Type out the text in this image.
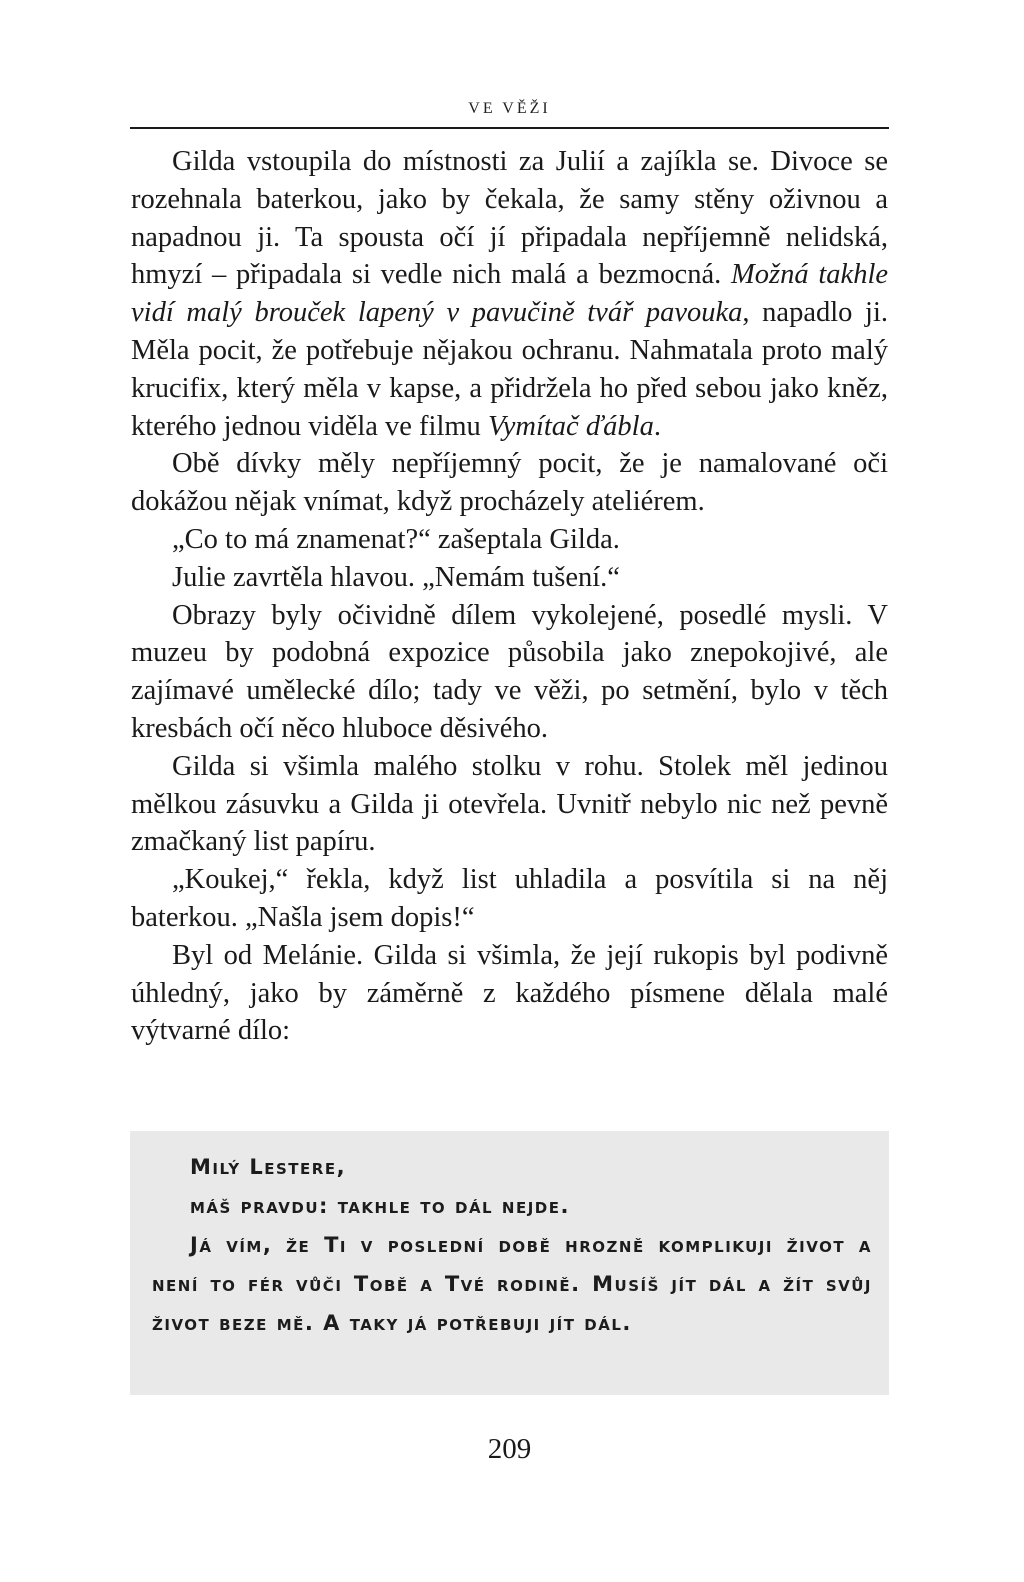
VE VĚŽI

Gilda vstoupila do místnosti za Julií a zajíkla se. Divoce se rozehnala baterkou, jako by čekala, že samy stěny oživnou a napadnou ji. Ta spousta očí jí připadala nepříjemně nelidská, hmyzí – připadala si vedle nich malá a bezmocná. Možná takhle vidí malý brouček lapený v pavučině tvář pavouka, napadlo ji. Měla pocit, že potřebuje nějakou ochranu. Nahmatala proto malý krucifix, který měla v kapse, a přidržela ho před sebou jako kněz, kterého jednou viděla ve filmu Vymítač ďábla.

Obě dívky měly nepříjemný pocit, že je namalované oči dokážou nějak vnímat, když procházely ateliérem.

„Co to má znamenat?“ zašeptala Gilda.

Julie zavrtěla hlavou. „Nemám tušení.“

Obrazy byly očividně dílem vykolejené, posedlé mysli. V muzeu by podobná expozice působila jako znepokojivé, ale zajímavé umělecké dílo; tady ve věži, po setmění, bylo v těch kresbách očí něco hluboce děsivého.

Gilda si všimla malého stolku v rohu. Stolek měl jedinou mělkou zásuvku a Gilda ji otevřela. Uvnitř nebylo nic než pevně zmačkaný list papíru.

„Koukej,“ řekla, když list uhladila a posvítila si na něj baterkou. „Našla jsem dopis!“

Byl od Melánie. Gilda si všimla, že její rukopis byl podivně úhledný, jako by záměrně z každého písmene dělala malé výtvarné dílo:

Milý Lestere,
máš pravdu: takhle to dál nejde.
Já vím, že Ti v poslední době hrozně komplikuji život a není to fér vůči Tobě a Tvé rodině. Musíš jít dál a žít svůj život beze mě. A taky já potřebuji jít dál.
209
